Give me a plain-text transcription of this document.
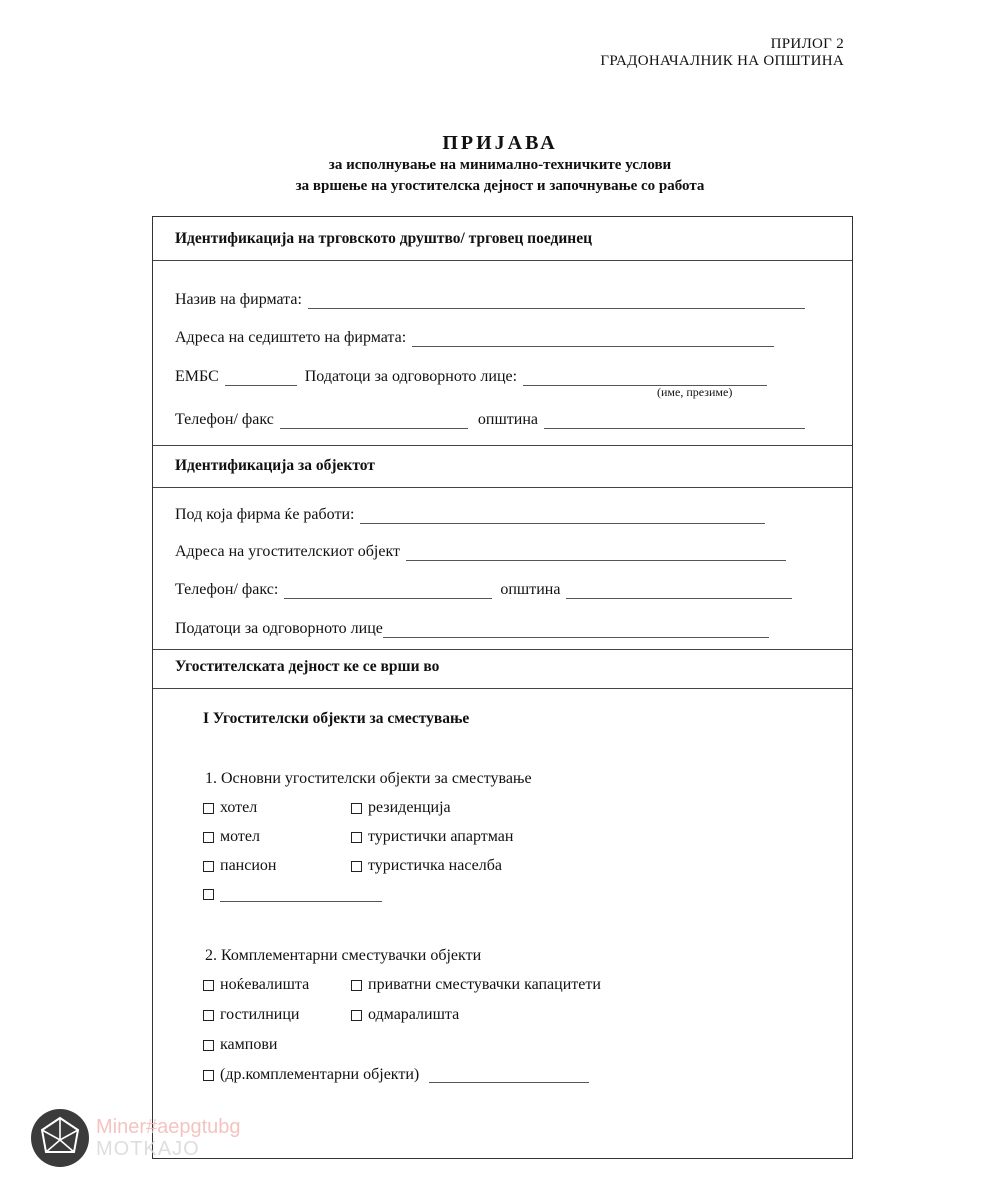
ПРИЛОГ 2
ГРАДОНАЧАЛНИК НА ОПШТИНА
ПРИЈАВА
за исполнување на минимално-техничките услови
за вршење на угостителска дејност и започнување со работа
Идентификација на трговското друштво/ трговец поединец
Назив на фирмата:
Адреса на седиштето на фирмата:
ЕМБС	Податоци за одговорното лице:
(име, презиме)
Телефон/ факс	општина
Идентификација за објектот
Под која фирма ќе работи:
Адреса на угостителскиот објект
Телефон/ факс:	општина
Податоци за одговорното лице
Угостителската дејност ке се врши во
I Угостителски објекти за сместување
1. Основни угостителски објекти за сместување
хотел	резиденција
мотел	туристички апартман
пансион	туристичка населба
2. Комплементарни сместувачки објекти
ноќевалишта	приватни сместувачки капацитети
гостилници	одмаралишта
кампови
(др.комплементарни објекти)
Miner#aepgtubg
MOTKAJO
